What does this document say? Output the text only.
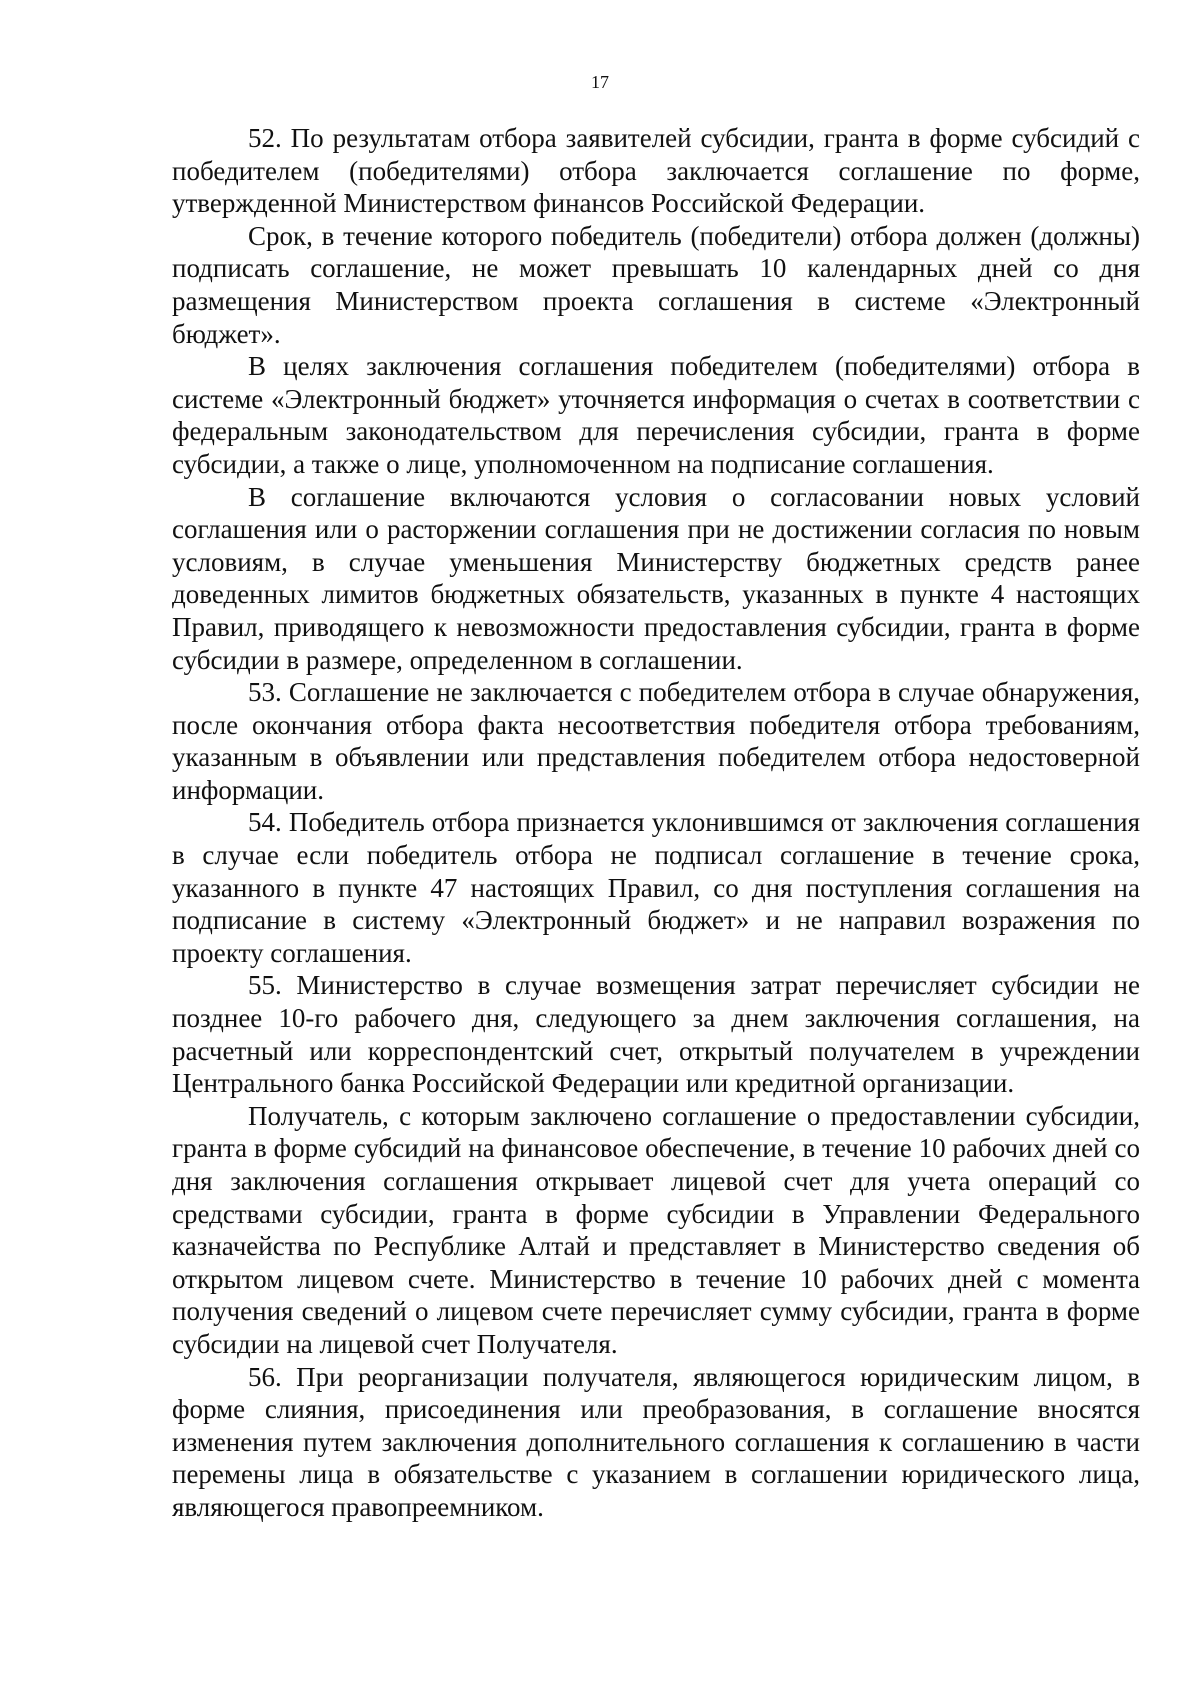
17

52. По результатам отбора заявителей субсидии, гранта в форме субсидий с победителем (победителями) отбора заключается соглашение по форме, утвержденной Министерством финансов Российской Федерации.

Срок, в течение которого победитель (победители) отбора должен (должны) подписать соглашение, не может превышать 10 календарных дней со дня размещения Министерством проекта соглашения в системе «Электронный бюджет».

В целях заключения соглашения победителем (победителями) отбора в системе «Электронный бюджет» уточняется информация о счетах в соответствии с федеральным законодательством для перечисления субсидии, гранта в форме субсидии, а также о лице, уполномоченном на подписание соглашения.

В соглашение включаются условия о согласовании новых условий соглашения или о расторжении соглашения при не достижении согласия по новым условиям, в случае уменьшения Министерству бюджетных средств ранее доведенных лимитов бюджетных обязательств, указанных в пункте 4 настоящих Правил, приводящего к невозможности предоставления субсидии, гранта в форме субсидии в размере, определенном в соглашении.

53. Соглашение не заключается с победителем отбора в случае обнаружения, после окончания отбора факта несоответствия победителя отбора требованиям, указанным в объявлении или представления победителем отбора недостоверной информации.

54. Победитель отбора признается уклонившимся от заключения соглашения в случае если победитель отбора не подписал соглашение в течение срока, указанного в пункте 47 настоящих Правил, со дня поступления соглашения на подписание в систему «Электронный бюджет» и не направил возражения по проекту соглашения.

55. Министерство в случае возмещения затрат перечисляет субсидии не позднее 10-го рабочего дня, следующего за днем заключения соглашения, на расчетный или корреспондентский счет, открытый получателем в учреждении Центрального банка Российской Федерации или кредитной организации.

Получатель, с которым заключено соглашение о предоставлении субсидии, гранта в форме субсидий на финансовое обеспечение, в течение 10 рабочих дней со дня заключения соглашения открывает лицевой счет для учета операций со средствами субсидии, гранта в форме субсидии в Управлении Федерального казначейства по Республике Алтай и представляет в Министерство сведения об открытом лицевом счете. Министерство в течение 10 рабочих дней с момента получения сведений о лицевом счете перечисляет сумму субсидии, гранта в форме субсидии на лицевой счет Получателя.

56. При реорганизации получателя, являющегося юридическим лицом, в форме слияния, присоединения или преобразования, в соглашение вносятся изменения путем заключения дополнительного соглашения к соглашению в части перемены лица в обязательстве с указанием в соглашении юридического лица, являющегося правопреемником.
